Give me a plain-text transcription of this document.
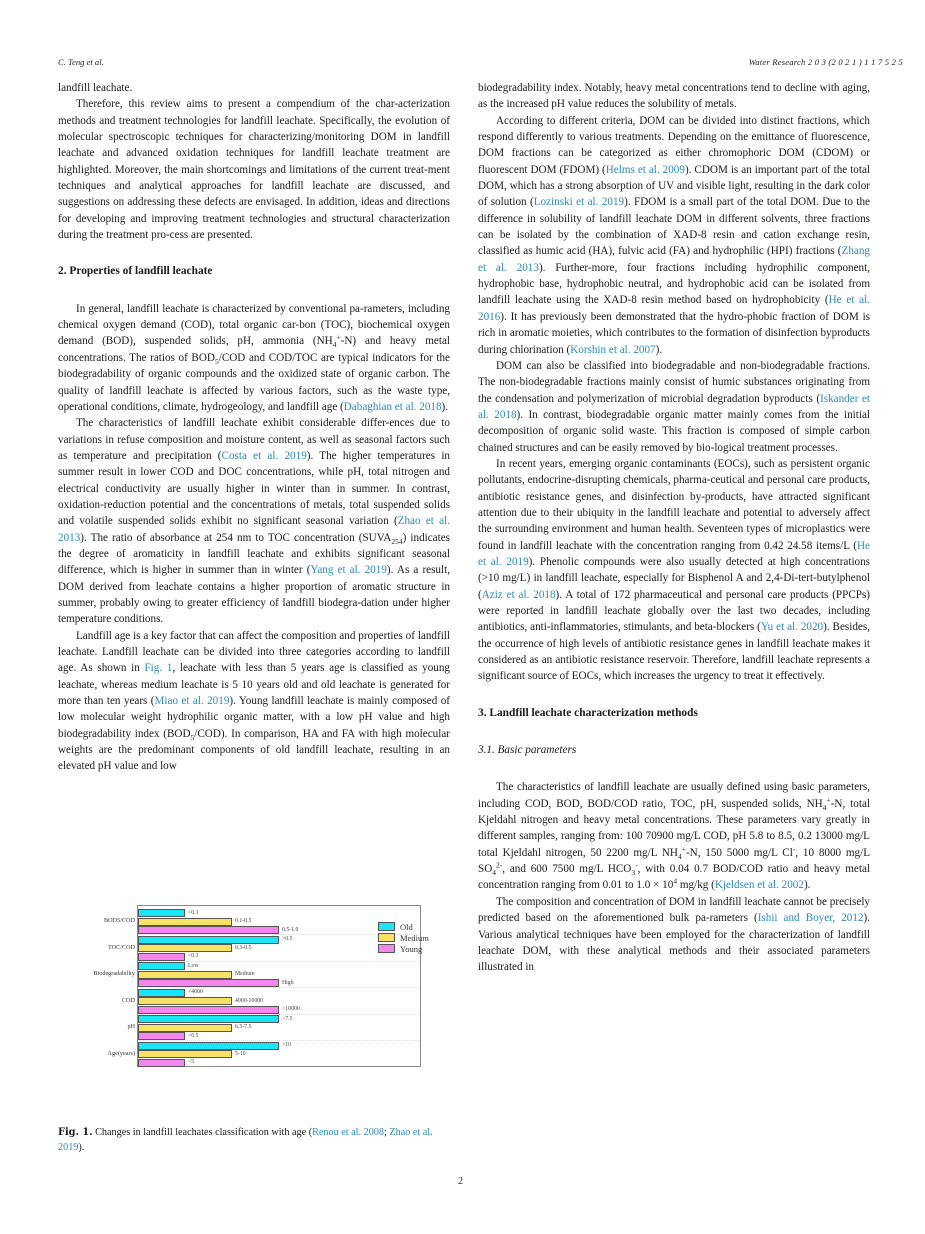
C. Teng et al.	Water Research 2 0 3 (2 0 2 1 ) 1 1 7 5 2 5

landfill leachate.

Therefore, this review aims to present a compendium of the char-acterization methods and treatment technologies for landfill leachate. Specifically, the evolution of molecular spectroscopic techniques for characterizing/monitoring DOM in landfill leachate and advanced oxidation techniques for landfill leachate treatment are highlighted. Moreover, the main shortcomings and limitations of the current treat-ment techniques and analytical approaches for landfill leachate are discussed, and suggestions on addressing these defects are envisaged. In addition, ideas and directions for developing and improving treatment technologies and structural characterization during the treatment pro-cess are presented.

2. Properties of landfill leachate

In general, landfill leachate is characterized by conventional pa-rameters, including chemical oxygen demand (COD), total organic car-bon (TOC), biochemical oxygen demand (BOD), suspended solids, pH, ammonia $(NH_4^+-N)$ and heavy metal concentrations. The ratios of $BOD_5$/COD and COD/TOC are typical indicators for the biodegradability of organic compounds and the oxidized state of organic carbon. The quality of landfill leachate is affected by various factors, such as the waste type, operational conditions, climate, hydrogeology, and landfill age (Dabaghian et al. 2018).

The characteristics of landfill leachate exhibit considerable differ-ences due to variations in refuse composition and moisture content, as well as seasonal factors such as temperature and precipitation (Costa et al. 2019). The higher temperatures in summer result in lower COD and DOC concentrations, while pH, total nitrogen and electrical conductivity are usually higher in winter than in summer. In contrast, oxidation-reduction potential and the concentrations of metals, total suspended solids and volatile suspended solids exhibit no significant seasonal variation (Zhao et al. 2013). The ratio of absorbance at 254 nm to TOC concentration $(SUVA_{254})$ indicates the degree of aromaticity in landfill leachate and exhibits significant seasonal difference, which is higher in summer than in winter (Yang et al. 2019). As a result, DOM derived from leachate contains a higher proportion of aromatic structure in summer, probably owing to greater efficiency of landfill biodegra-dation under higher temperature conditions.

Landfill age is a key factor that can affect the composition and properties of landfill leachate. Landfill leachate can be divided into three categories according to landfill age. As shown in Fig. 1, leachate with less than 5 years age is classified as young leachate, whereas medium leachate is 5 10 years old and old leachate is generated for more than ten years (Miao et al. 2019). Young landfill leachate is mainly composed of low molecular weight hydrophilic organic matter, with a low pH value and high biodegradability index $(BOD_5/COD)$. In comparison, HA and FA with high molecular weights are the predominant components of old landfill leachate, resulting in an elevated pH value and low

<0.1
0.1-0.5
0.5-1.0
>0.5
0.3-0.5
<0.3
Low
Medium
High
<4000
4000-10000
>10000
>7.5
6.5-7.5
<6.5
>10
5-10
<5
Old
Medium
Young
BOD5/COD
TOC/COD
Biodegradability
COD
pH
Age(years)
Fig. 1. Changes in landfill leachates classification with age (Renou et al. 2008; Zhao et al. 2019).

biodegradability index. Notably, heavy metal concentrations tend to decline with aging, as the increased pH value reduces the solubility of metals.

According to different criteria, DOM can be divided into distinct fractions, which respond differently to various treatments. Depending on the emittance of fluorescence, DOM fractions can be categorized as either chromophoric DOM (CDOM) or fluorescent DOM (FDOM) (Helms et al. 2009). CDOM is an important part of the total DOM, which has a strong absorption of UV and visible light, resulting in the dark color of solution (Lozinski et al. 2019). FDOM is a small part of the total DOM. Due to the difference in solubility of landfill leachate DOM in different solvents, three fractions can be isolated by the combination of XAD-8 resin and cation exchange resin, classified as humic acid (HA), fulvic acid (FA) and hydrophilic (HPI) fractions (Zhang et al. 2013). Further-more, four fractions including hydrophilic component, hydrophobic base, hydrophobic neutral, and hydrophobic acid can be isolated from landfill leachate using the XAD-8 resin method based on hydrophobicity (He et al. 2016). It has previously been demonstrated that the hydro-phobic fraction of DOM is rich in aromatic moieties, which contributes to the formation of disinfection byproducts during chlorination (Korshin et al. 2007).

DOM can also be classified into biodegradable and non-biodegradable fractions. The non-biodegradable fractions mainly consist of humic substances originating from the condensation and polymerization of microbial degradation byproducts (Iskander et al. 2018). In contrast, biodegradable organic matter mainly comes from the initial decomposition of organic solid waste. This fraction is composed of simple carbon chained structures and can be easily removed by bio-logical treatment processes.

In recent years, emerging organic contaminants (EOCs), such as persistent organic pollutants, endocrine-disrupting chemicals, pharma-ceutical and personal care products, antibiotic resistance genes, and disinfection by-products, have attracted significant attention due to their ubiquity in the landfill leachate and potential to adversely affect the surrounding environment and human health. Seventeen types of microplastics were found in landfill leachate with the concentration ranging from 0.42 24.58 items/L (He et al. 2019). Phenolic compounds were also usually detected at high concentrations (>10 mg/L) in landfill leachate, especially for Bisphenol A and 2,4-Di-tert-butylphenol (Aziz et al. 2018). A total of 172 pharmaceutical and personal care products (PPCPs) were reported in landfill leachate globally over the last two decades, including antibiotics, anti-inflammatories, stimulants, and beta-blockers (Yu et al. 2020). Besides, the occurrence of high levels of antibiotic resistance genes in landfill leachate makes it considered as an antibiotic resistance reservoir. Therefore, landfill leachate represents a significant source of EOCs, which increases the urgency to treat it effectively.

3. Landfill leachate characterization methods
3.1. Basic parameters

The characteristics of landfill leachate are usually defined using basic parameters, including COD, BOD, BOD/COD ratio, TOC, pH, suspended solids, $NH_4^+-N$, total Kjeldahl nitrogen and heavy metal concentrations. These parameters vary greatly in different samples, ranging from: 100 70900 mg/L COD, pH 5.8 to 8.5, 0.2 13000 mg/L total Kjeldahl nitrogen, 50 2200 mg/L $NH_4^+-N$, 150 5000 mg/L Cl-, 10 8000 mg/L $SO_4^{2-}$, and 600 7500 mg/L $HCO_3^-$, with 0.04 0.7 BOD/COD ratio and heavy metal concentration ranging from 0.01 to $1.0 \times 10^4$ mg/kg (Kjeldsen et al. 2002).

The composition and concentration of DOM in landfill leachate cannot be precisely predicted based on the aforementioned bulk pa-rameters (Ishii and Boyer, 2012). Various analytical techniques have been employed for the characterization of landfill leachate DOM, with these analytical methods and their associated parameters illustrated in

2
